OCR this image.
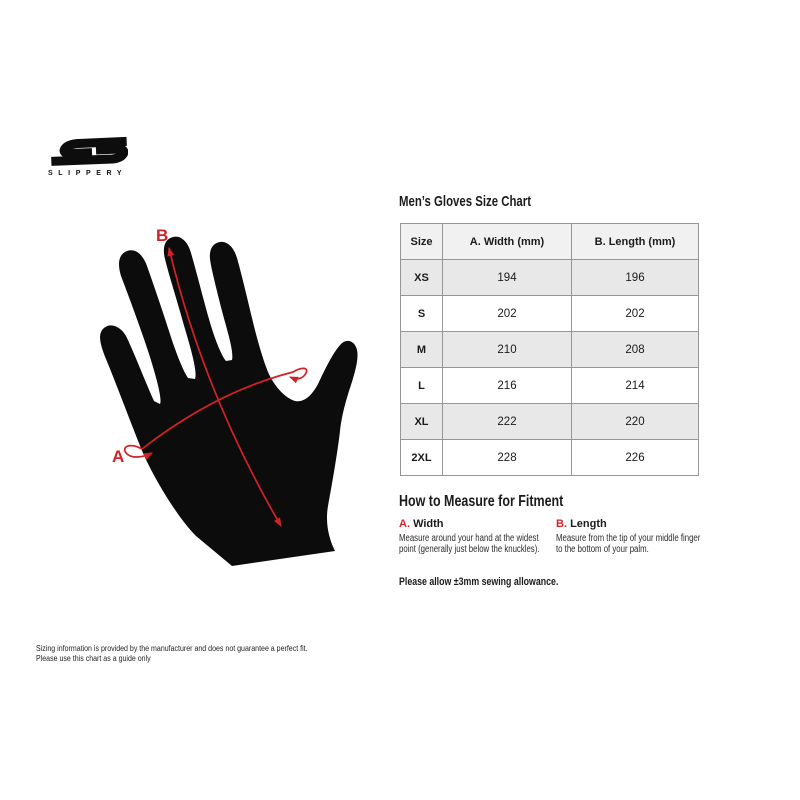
SLIPPERY
B
A
Men’s Gloves Size Chart
Size	A. Width (mm)	B. Length (mm)
XS	194	196
S	202	202
M	210	208
L	216	214
XL	222	220
2XL	228	226
How to Measure for Fitment
A. Width
Measure around your hand at the widest
point (generally just below the knuckles).
B. Length
Measure from the tip of your middle finger
to the bottom of your palm.
Please allow ±3mm sewing allowance.
Sizing information is provided by the manufacturer and does not guarantee a perfect fit.
Please use this chart as a guide only
